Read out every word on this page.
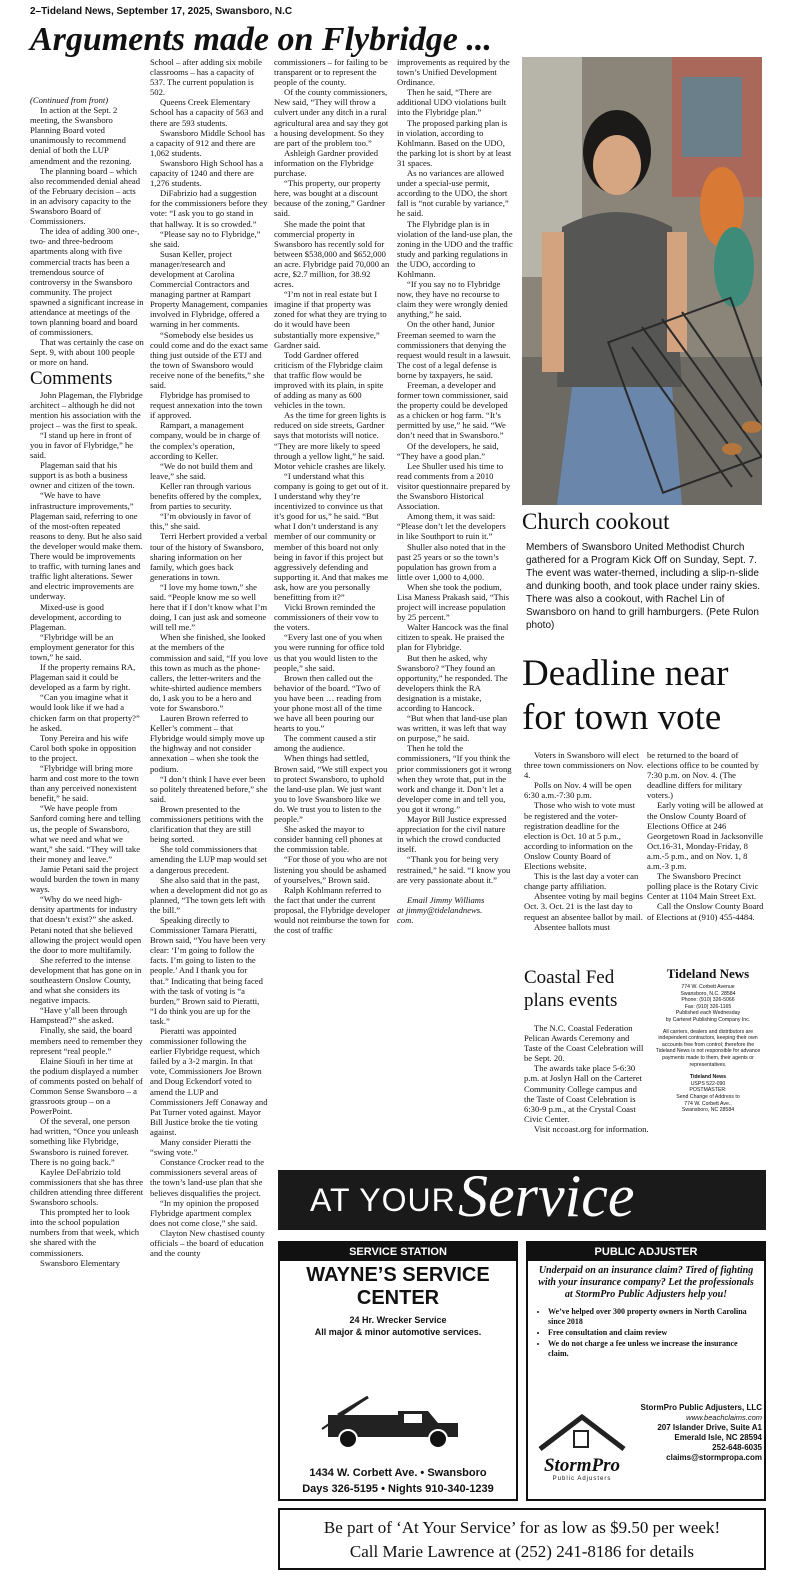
2–Tideland News, September 17, 2025, Swansboro, N.C
Arguments made on Flybridge ...

(Continued from front)

In action at the Sept. 2 meeting, the Swansboro Planning Board voted unanimously to recommend denial of both the LUP amendment and the rezoning.

The planning board – which also recommended denial ahead of the February decision – acts in an advisory capacity to the Swansboro Board of Commissioners.

The idea of adding 300 one-, two- and three-bedroom apartments along with five commercial tracts has been a tremendous source of controversy in the Swansboro community. The project spawned a significant increase in attendance at meetings of the town planning board and board of commissioners.

That was certainly the case on Sept. 9, with about 100 people or more on hand.

Comments

John Plageman, the Flybridge architect – although he did not mention his association with the project – was the first to speak.

“I stand up here in front of you in favor of Flybridge,” he said.

Plageman said that his support is as both a business owner and citizen of the town.

“We have to have infrastructure improvements,” Plageman said, referring to one of the most-often repeated reasons to deny. But he also said the developer would make them. There would be improvements to traffic, with turning lanes and traffic light alterations. Sewer and electric improvements are underway.

Mixed-use is good development, according to Plageman.

“Flybridge will be an employment generator for this town,” he said.

If the property remains RA, Plageman said it could be developed as a farm by right.

“Can you imagine what it would look like if we had a chicken farm on that property?” he asked.

Tony Pereira and his wife Carol both spoke in opposition to the project.

“Flybridge will bring more harm and cost more to the town than any perceived nonexistent benefit,” he said.

“We have people from Sanford coming here and telling us, the people of Swansboro, what we need and what we want,” she said. “They will take their money and leave.”

Jamie Petani said the project would burden the town in many ways.

“Why do we need high-density apartments for industry that doesn’t exist?” she asked. Petani noted that she believed allowing the project would open the door to more multifamily.

She referred to the intense development that has gone on in southeastern Onslow County, and what she considers its negative impacts.

“Have y’all been through Hampstead?” she asked.

Finally, she said, the board members need to remember they represent “real people.”

Elaine Sioufi in her time at the podium displayed a number of comments posted on behalf of Common Sense Swansboro – a grassroots group – on a PowerPoint.

Of the several, one person had written, “Once you unleash something like Flybridge, Swansboro is ruined forever. There is no going back.”

Kaylee DeFabrizio told commissioners that she has three children attending three different Swansboro schools.

This prompted her to look into the school population numbers from that week, which she shared with the commissioners.

Swansboro Elementary

School – after adding six mobile classrooms – has a capacity of 537. The current population is 502.

Queens Creek Elementary School has a capacity of 563 and there are 593 students.

Swansboro Middle School has a capacity of 912 and there are 1,062 students.

Swansboro High School has a capacity of 1240 and there are 1,276 students.

DiFabrizio had a suggestion for the commissioners before they vote: “I ask you to go stand in that hallway. It is so crowded.”

“Please say no to Flybridge,” she said.

Susan Keller, project manager/research and development at Carolina Commercial Contractors and managing partner at Rampart Property Management, companies involved in Flybridge, offered a warning in her comments.

“Somebody else besides us could come and do the exact same thing just outside of the ETJ and the town of Swansboro would receive none of the benefits,” she said.

Flybridge has promised to request annexation into the town if approved.

Rampart, a management company, would be in charge of the complex’s operation, according to Keller.

“We do not build them and leave,” she said.

Keller ran through various benefits offered by the complex, from parties to security.

“I’m obviously in favor of this,” she said.

Terri Herbert provided a verbal tour of the history of Swansboro, sharing information on her family, which goes back generations in town.

“I love my home town,” she said. “People know me so well here that if I don’t know what I’m doing, I can just ask and someone will tell me.”

When she finished, she looked at the members of the commission and said, “If you love this town as much as the phone-callers, the letter-writers and the white-shirted audience members do, I ask you to be a hero and vote for Swansboro.”

Lauren Brown referred to Keller’s comment – that Flybridge would simply move up the highway and not consider annexation – when she took the podium.

“I don’t think I have ever been so politely threatened before,” she said.

Brown presented to the commissioners petitions with the clarification that they are still being sorted.

She told commissioners that amending the LUP map would set a dangerous precedent.

She also said that in the past, when a development did not go as planned, “The town gets left with the bill.”

Speaking directly to Commissioner Tamara Pieratti, Brown said, “You have been very clear: ‘I’m going to follow the facts. I’m going to listen to the people.’ And I thank you for that.” Indicating that being faced with the task of voting is “a burden,” Brown said to Pieratti, “I do think you are up for the task.”

Pieratti was appointed commissioner following the earlier Flybridge request, which failed by a 3-2 margin. In that vote, Commissioners Joe Brown and Doug Eckendorf voted to amend the LUP and Commissioners Jeff Conaway and Pat Turner voted against. Mayor Bill Justice broke the tie voting against.

Many consider Pieratti the “swing vote.”

Constance Crocker read to the commissioners several areas of the town’s land-use plan that she believes disqualifies the project.

“In my opinion the proposed Flybridge apartment complex does not come close,” she said.

Clayton New chastised county officials – the board of education and the county

commissioners – for failing to be transparent or to represent the people of the county.

Of the county commissioners, New said, “They will throw a culvert under any ditch in a rural agricultural area and say they got a housing development. So they are part of the problem too.”

Ashleigh Gardner provided information on the Flybridge purchase.

“This property, our property here, was bought at a discount because of the zoning,” Gardner said.

She made the point that commercial property in Swansboro has recently sold for between $538,000 and $652,000 an acre. Flybridge paid 70,000 an acre, $2.7 million, for 38.92 acres.

“I’m not in real estate but I imagine if that property was zoned for what they are trying to do it would have been substantially more expensive,” Gardner said.

Todd Gardner offered criticism of the Flybridge claim that traffic flow would be improved with its plain, in spite of adding as many as 600 vehicles in the town.

As the time for green lights is reduced on side streets, Gardner says that motorists will notice. “They are more likely to speed through a yellow light,” he said. Motor vehicle crashes are likely.

“I understand what this company is going to get out of it. I understand why they’re incentivized to convince us that it’s good for us,” he said. “But what I don’t understand is any member of our community or member of this board not only being in favor if this project but aggressively defending and supporting it. And that makes me ask, how are you personally benefitting from it?”

Vicki Brown reminded the commissioners of their vow to the voters.

“Every last one of you when you were running for office told us that you would listen to the people,” she said.

Brown then called out the behavior of the board. “Two of you have been … reading from your phone most all of the time we have all been pouring our hearts to you.”

The comment caused a stir among the audience.

When things had settled, Brown said, “We still expect you to protect Swansboro, to uphold the land-use plan. We just want you to love Swansboro like we do. We trust you to listen to the people.”

She asked the mayor to consider banning cell phones at the commission table.

“For those of you who are not listening you should be ashamed of yourselves,” Brown said.

Ralph Kohlmann referred to the fact that under the current proposal, the Flybridge developer would not reimburse the town for the cost of traffic

improvements as required by the town’s Unified Development Ordinance.

Then he said, “There are additional UDO violations built into the Flybridge plan.”

The proposed parking plan is in violation, according to Kohlmann. Based on the UDO, the parking lot is short by at least 31 spaces.

As no variances are allowed under a special-use permit, according to the UDO, the short fall is “not curable by variance,” he said.

The Flybridge plan is in violation of the land-use plan, the zoning in the UDO and the traffic study and parking regulations in the UDO, according to Kohlmann.

“If you say no to Flybridge now, they have no recourse to claim they were wrongly denied anything,” he said.

On the other hand, Junior Freeman seemed to warn the commissioners that denying the request would result in a lawsuit. The cost of a legal defense is borne by taxpayers, he said.

Freeman, a developer and former town commissioner, said the property could be developed as a chicken or hog farm. “It’s permitted by use,” he said. “We don’t need that in Swansboro.”

Of the developers, he said, “They have a good plan.”

Lee Shuller used his time to read comments from a 2010 visitor questionnaire prepared by the Swansboro Historical Association.

Among them, it was said: “Please don’t let the developers in like Southport to ruin it.”

Shuller also noted that in the past 25 years or so the town’s population has grown from a little over 1,000 to 4,000.

When she took the podium, Lisa Maness Prakash said, “This project will increase population by 25 percent.”

Walter Hancock was the final citizen to speak. He praised the plan for Flybridge.

But then he asked, why Swansboro? “They found an opportunity,” he responded. The developers think the RA designation is a mistake, according to Hancock.

“But when that land-use plan was written, it was left that way on purpose,” he said.

Then he told the commissioners, “If you think the prior commissioners got it wrong when they wrote that, put in the work and change it. Don’t let a developer come in and tell you, you got it wrong.”

Mayor Bill Justice expressed appreciation for the civil nature in which the crowd conducted itself.

“Thank you for being very restrained,” he said. “I know you are very passionate about it.”

Email Jimmy Williams

at jimmy@tidelandnews.

com.

Church cookout
Members of Swansboro United Methodist Church gathered for a Program Kick Off on Sunday, Sept. 7. The event was water-themed, including a slip-n-slide and dunking booth, and took place under rainy skies. There was also a cookout, with Rachel Lin of Swansboro on hand to grill hamburgers. (Pete Rulon photo)
Deadline near for town vote

Voters in Swansboro will elect three town commissioners on Nov. 4.

Polls on Nov. 4 will be open 6:30 a.m.-7:30 p.m.

Those who wish to vote must be registered and the voter-registration deadline for the election is Oct. 10 at 5 p.m., according to information on the Onslow County Board of Elections website.

This is the last day a voter can change party affiliation.

Absentee voting by mail begins Oct. 3. Oct. 21 is the last day to request an absentee ballot by mail.

Absentee ballots must

be returned to the board of elections office to be counted by 7:30 p.m. on Nov. 4. (The deadline differs for military voters.)

Early voting will be allowed at the Onslow County Board of Elections Office at 246 Georgetown Road in Jacksonville Oct.16-31, Monday-Friday, 8 a.m.-5 p.m., and on Nov. 1, 8 a.m.-3 p.m.

The Swansboro Precinct polling place is the Rotary Civic Center at 1104 Main Street Ext.

Call the Onslow County Board of Elections at (910) 455-4484.

Coastal Fed plans events

The N.C. Coastal Federation Pelican Awards Ceremony and Taste of the Coast Celebration will be Sept. 20.

The awards take place 5-6:30 p.m. at Joslyn Hall on the Carteret Community College campus and the Taste of Coast Celebration is 6:30-9 p.m., at the Crystal Coast Civic Center.

Visit nccoast.org for information.

Tideland News
774 W. Corbett Avenue
Swansboro, N.C. 28584
Phone: (910) 326-5066
Fax: (910) 326-1165
Published each Wednesday
by Carteret Publishing Company Inc.
All carriers, dealers and distributors are independent contractors, keeping their own accounts free from control; therefore the Tideland News is not responsible for advance payments made to them, their agents or representatives.
Tideland News
USPS 522-090
POSTMASTER:
Send Change of Address to
774 W. Corbett Ave.,
Swansboro, NC 28584
AT YOUR Service
SERVICE STATION
WAYNE’S SERVICE CENTER
24 Hr. Wrecker Service
All major & minor automotive services.
1434 W. Corbett Ave. • Swansboro
Days 326-5195 • Nights 910-340-1239
PUBLIC ADJUSTER
Underpaid on an insurance claim? Tired of fighting with your insurance company? Let the professionals at StormPro Public Adjusters help you!
• We’ve helped over 300 property owners in North Carolina since 2018
• Free consultation and claim review
• We do not charge a fee unless we increase the insurance claim.
StormPro
Public Adjusters
StormPro Public Adjusters, LLC
www.beachclaims.com
207 Islander Drive, Suite A1
Emerald Isle, NC 28594
252-648-6035
claims@stormpropa.com
Be part of ‘At Your Service’ for as low as $9.50 per week!
Call Marie Lawrence at (252) 241-8186 for details
